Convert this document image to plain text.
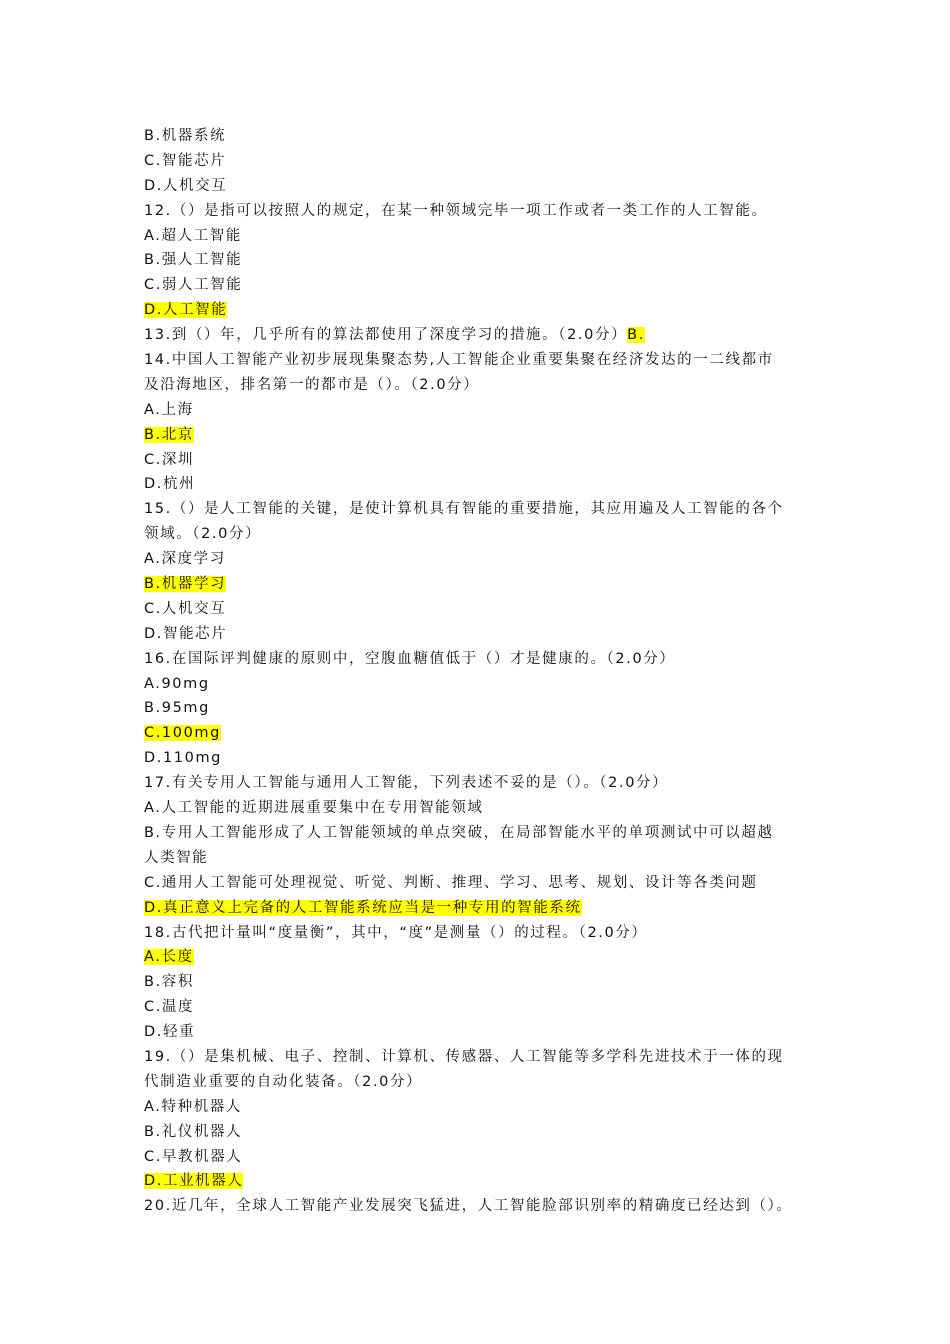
B.机器系统
C.智能芯片
D.人机交互
12.（）是指可以按照人的规定，在某一种领域完毕一项工作或者一类工作的人工智能。
A.超人工智能
B.强人工智能
C.弱人工智能
D.人工智能
13.到（）年，几乎所有的算法都使用了深度学习的措施。（2.0分）B.
14.中国人工智能产业初步展现集聚态势,人工智能企业重要集聚在经济发达的一二线都市
及沿海地区，排名第一的都市是（）。（2.0分）
A.上海
B.北京
C.深圳
D.杭州
15.（）是人工智能的关键，是使计算机具有智能的重要措施，其应用遍及人工智能的各个
领域。（2.0分）
A.深度学习
B.机器学习
C.人机交互
D.智能芯片
16.在国际评判健康的原则中，空腹血糖值低于（）才是健康的。（2.0分）
A.90mg
B.95mg
C.100mg
D.110mg
17.有关专用人工智能与通用人工智能，下列表述不妥的是（）。（2.0分）
A.人工智能的近期进展重要集中在专用智能领域
B.专用人工智能形成了人工智能领域的单点突破，在局部智能水平的单项测试中可以超越
人类智能
C.通用人工智能可处理视觉、听觉、判断、推理、学习、思考、规划、设计等各类问题
D.真正意义上完备的人工智能系统应当是一种专用的智能系统
18.古代把计量叫“度量衡”，其中，“度”是测量（）的过程。（2.0分）
A.长度
B.容积
C.温度
D.轻重
19.（）是集机械、电子、控制、计算机、传感器、人工智能等多学科先进技术于一体的现
代制造业重要的自动化装备。（2.0分）
A.特种机器人
B.礼仪机器人
C.早教机器人
D.工业机器人
20.近几年，全球人工智能产业发展突飞猛进，人工智能脸部识别率的精确度已经达到（）。
